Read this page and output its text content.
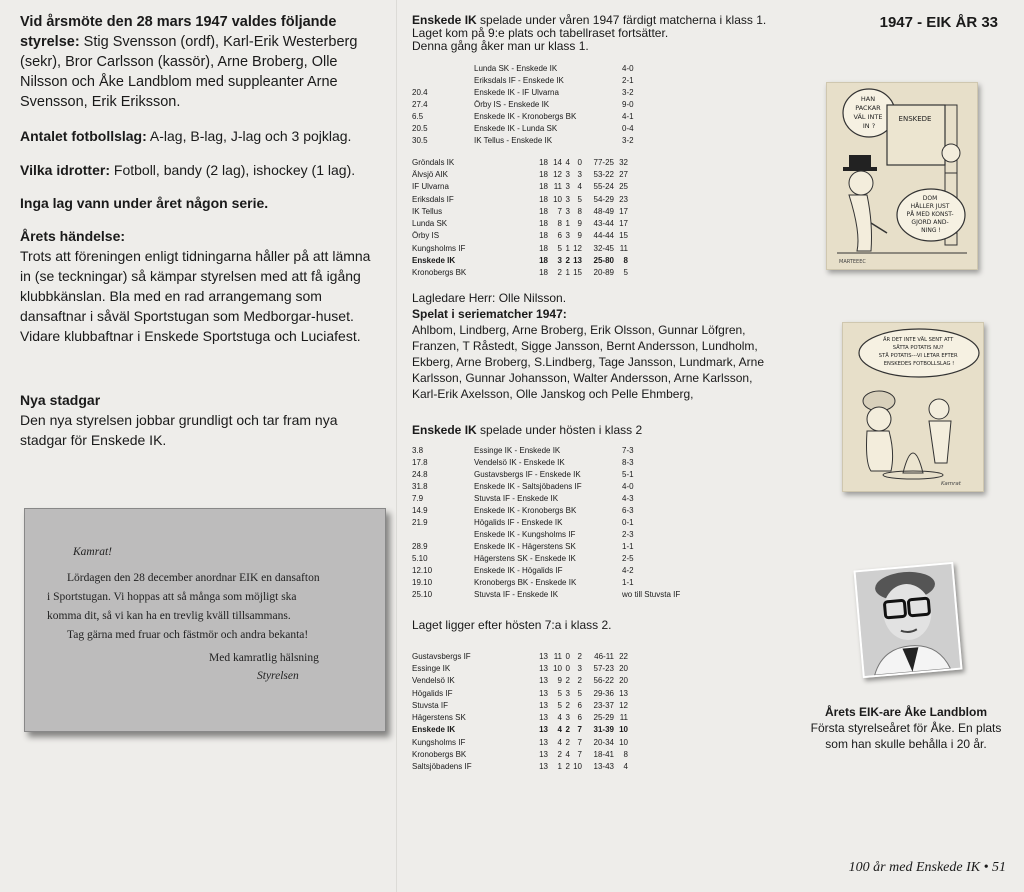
Vid årsmöte den 28 mars 1947 valdes följande styrelse: Stig Svensson (ordf), Karl-Erik Westerberg (sekr), Bror Carlsson (kassör), Arne Broberg, Olle Nilsson och Åke Landblom med suppleanter Arne Svensson, Erik Eriksson.

Antalet fotbollslag: A-lag, B-lag, J-lag och 3 pojklag.

Vilka idrotter: Fotboll, bandy (2 lag), ishockey (1 lag).

Inga lag vann under året någon serie.

Årets händelse:

Trots att föreningen enligt tidningarna håller på att lämna in (se teckningar) så kämpar styrelsen med att få igång klubbkänslan. Bla med en rad arrangemang som dansaftnar i såväl Sportstugan som Medborgar-huset. Vidare klubbaftnar i Enskede Sportstuga och Luciafest.

Nya stadgar

Den nya styrelsen jobbar grundligt och tar fram nya stadgar för Enskede IK.

Kamrat!
Lördagen den 28 december anordnar EIK en dansafton
i Sportstugan. Vi hoppas att så många som möjligt ska
komma dit, så vi kan ha en trevlig kväll tillsammans.
Tag gärna med fruar och fästmör och andra bekanta!
Med kamratlig hälsning
Styrelsen
Enskede IK spelade under våren 1947 färdigt matcherna i klass 1.
Laget kom på 9:e plats och tabellraset fortsätter.
Denna gång åker man ur klass 1.
	Lunda SK - Enskede IK	4-0
	Eriksdals IF - Enskede IK	2-1
20.4	Enskede IK - IF Ulvarna	3-2
27.4	Örby IS - Enskede IK	9-0
6.5	Enskede IK - Kronobergs BK	4-1
20.5	Enskede IK - Lunda SK	0-4
30.5	IK Tellus - Enskede IK	3-2
Gröndals IK	18	14	4	0	77-25	32
Älvsjö AIK	18	12	3	3	53-22	27
IF Ulvarna	18	11	3	4	55-24	25
Eriksdals IF	18	10	3	5	54-29	23
IK Tellus	18	7	3	8	48-49	17
Lunda SK	18	8	1	9	43-44	17
Örby IS	18	6	3	9	44-44	15
Kungsholms IF	18	5	1	12	32-45	11
Enskede IK	18	3	2	13	25-80	8
Kronobergs BK	18	2	1	15	20-89	5
Lagledare Herr: Olle Nilsson.
Spelat i seriematcher 1947:
Ahlbom, Lindberg, Arne Broberg, Erik Olsson, Gunnar Löfgren, Franzen, T Råstedt, Sigge Jansson, Bernt Andersson, Lundholm, Ekberg, Arne Broberg, S.Lindberg, Tage Jansson, Lundmark, Arne Karlsson, Gunnar Johansson, Walter Andersson, Arne Karlsson, Karl-Erik Axelsson, Olle Janskog och Pelle Ehmberg,
Enskede IK spelade under hösten i klass 2
3.8	Essinge IK - Enskede IK	7-3
17.8	Vendelsö IK - Enskede IK	8-3
24.8	Gustavsbergs IF - Enskede IK	5-1
31.8	Enskede IK - Saltsjöbadens IF	4-0
7.9	Stuvsta IF - Enskede IK	4-3
14.9	Enskede IK - Kronobergs BK	6-3
21.9	Högalids IF - Enskede IK	0-1
	Enskede IK - Kungsholms IF	2-3
28.9	Enskede IK - Hägerstens SK	1-1
5.10	Hägerstens SK - Enskede IK	2-5
12.10	Enskede IK - Högalids IF	4-2
19.10	Kronobergs BK - Enskede IK	1-1
25.10	Stuvsta IF - Enskede IK	wo till Stuvsta IF
Laget ligger efter hösten 7:a i klass 2.
Gustavsbergs IF	13	11	0	2	46-11	22
Essinge IK	13	10	0	3	57-23	20
Vendelsö IK	13	9	2	2	56-22	20
Högalids IF	13	5	3	5	29-36	13
Stuvsta IF	13	5	2	6	23-37	12
Hägerstens SK	13	4	3	6	25-29	11
Enskede IK	13	4	2	7	31-39	10
Kungsholms IF	13	4	2	7	20-34	10
Kronobergs BK	13	2	4	7	18-41	8
Saltsjöbadens IF	13	1	2	10	13-43	4
1947 - EIK ÅR 33
HAN PACKAR VÄL INTE IN ?
ENSKEDE
DOM HÅLLER JUST PÅ MED KONST- GJORD AND- NING !
MARTEEEC
ÄR DET INTE VÄL SENT ATT SÄTTA POTATIS NU? STÅ POTATIS---VI LETAR EFTER ENSKEDES FOTBOLLSLAG !
Kamrat
Årets EIK-are Åke Landblom
Första styrelseåret för Åke. En plats
som han skulle behålla i 20 år.
100 år med Enskede IK • 51
